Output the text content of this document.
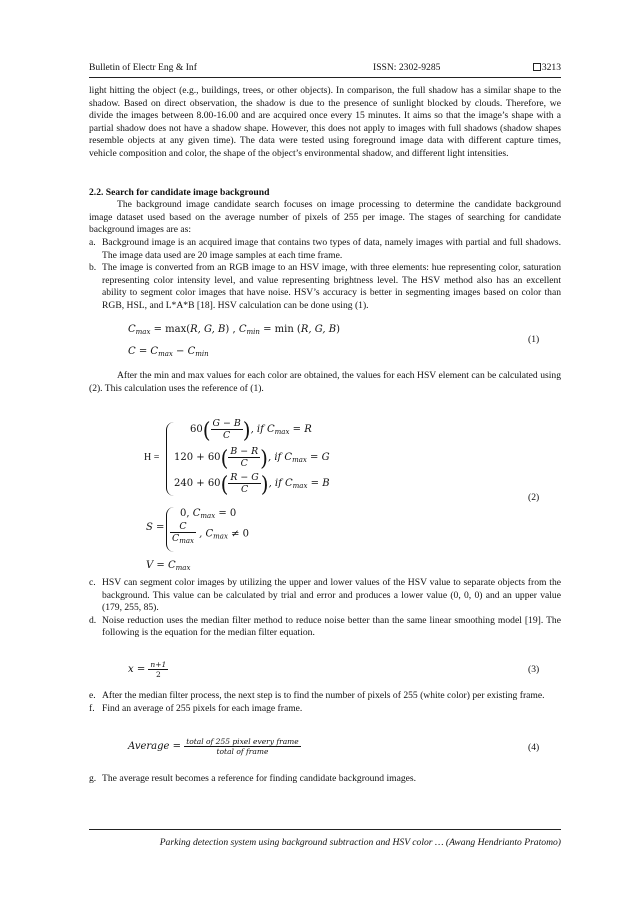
Bulletin of Electr Eng & Inf	ISSN: 2302-9285	3213

light hitting the object (e.g., buildings, trees, or other objects). In comparison, the full shadow has a similar shape to the shadow. Based on direct observation, the shadow is due to the presence of sunlight blocked by clouds. Therefore, we divide the images between 8.00-16.00 and are acquired once every 15 minutes. It aims so that the image’s shape with a partial shadow does not have a shadow shape. However, this does not apply to images with full shadows (shadow shapes resemble objects at any given time). The data were tested using foreground image data with different capture times, vehicle composition and color, the shape of the object’s environmental shadow, and different light intensities.

2.2. Search for candidate image background

The background image candidate search focuses on image processing to determine the candidate background image dataset used based on the average number of pixels of 255 per image. The stages of searching for candidate background images are as:

a. Background image is an acquired image that contains two types of data, namely images with partial and full shadows. The image data used are 20 image samples at each time frame.
b. The image is converted from an RGB image to an HSV image, with three elements: hue representing color, saturation representing color intensity level, and value representing brightness level. The HSV method also has an excellent ability to segment color images that have noise. HSV’s accuracy is better in segmenting images based on color than RGB, HSL, and L*A*B [18]. HSV calculation can be done using (1).
$C_{max} = \max(R$, G, B) , $C_{min} = \min (R$, G, B)
$C = C_{max} - C_{min}$
(1)

After the min and max values for each color are obtained, the values for each HSV element can be calculated using (2). This calculation uses the reference of (1).

H =
$60( \frac{G - B}{C}$ ), if $C_{max} = R$
$120 + 60( \frac{B - R}{C}$ ), if $C_{max} = G$
$240 + 60( \frac{R - G}{C}$ ), if $C_{max} = B$
(2)
S =
0, $C_{max} = 0$
$\frac{C}{C_{max}}$ , $C_{max} \ne 0$
$V = C_{max}$
c. HSV can segment color images by utilizing the upper and lower values of the HSV value to separate objects from the background. This value can be calculated by trial and error and produces a lower value (0, 0, 0) and an upper value (179, 255, 85).
d. Noise reduction uses the median filter method to reduce noise better than the same linear smoothing model [19]. The following is the equation for the median filter equation.
$x = \frac{n+1}{2}$	(3)
e. After the median filter process, the next step is to find the number of pixels of 255 (white color) per existing frame.
f. Find an average of 255 pixels for each image frame.
Average = $\frac{\text{total of 255 pixel every frame}}{\text{total of frame}}$	(4)
g. The average result becomes a reference for finding candidate background images.
Parking detection system using background subtraction and HSV color … (Awang Hendrianto Pratomo)
